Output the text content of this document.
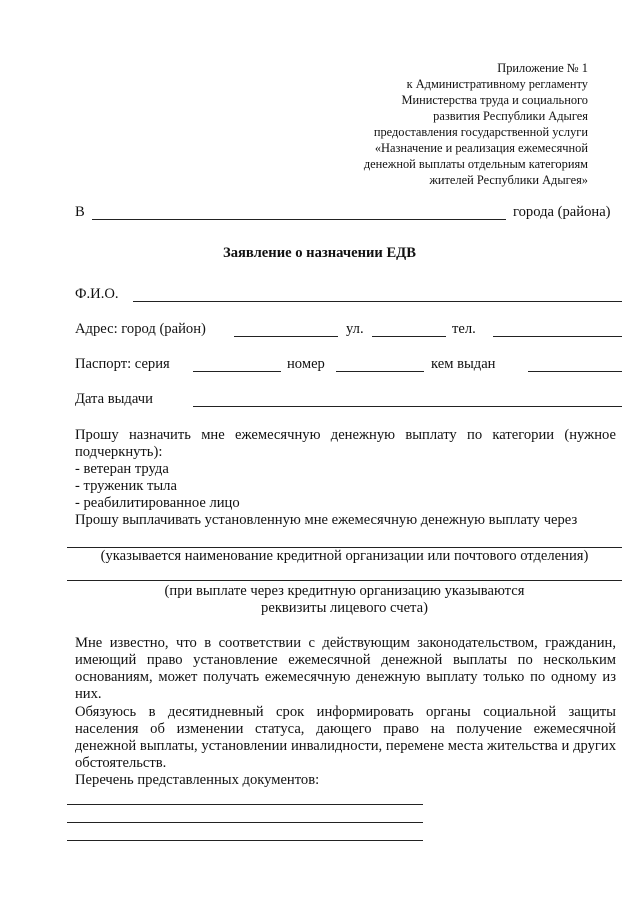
Приложение № 1
к Административному регламенту
Министерства труда и социального
развития Республики Адыгея
предоставления государственной услуги
«Назначение и реализация ежемесячной
денежной выплаты отдельным категориям
жителей Республики Адыгея»
В	города (района)
Заявление о назначении ЕДВ
Ф.И.О.
Адрес: город (район)	ул.	тел.
Паспорт: серия	номер	кем выдан
Дата выдачи
Прошу назначить мне ежемесячную денежную выплату по категории (нужное подчеркнуть):
- ветеран труда
- труженик тыла
- реабилитированное лицо
Прошу выплачивать установленную мне ежемесячную денежную выплату через
(указывается наименование кредитной организации или почтового отделения)
(при выплате через кредитную организацию указываются
реквизиты лицевого счета)
Мне известно, что в соответствии с действующим законодательством, гражданин, имеющий право установление ежемесячной денежной выплаты по нескольким основаниям, может получать ежемесячную денежную выплату только по одному из них.
Обязуюсь в десятидневный срок информировать органы социальной защиты населения об изменении статуса, дающего право на получение ежемесячной денежной выплаты, установлении инвалидности, перемене места жительства и других обстоятельств.
Перечень представленных документов:
